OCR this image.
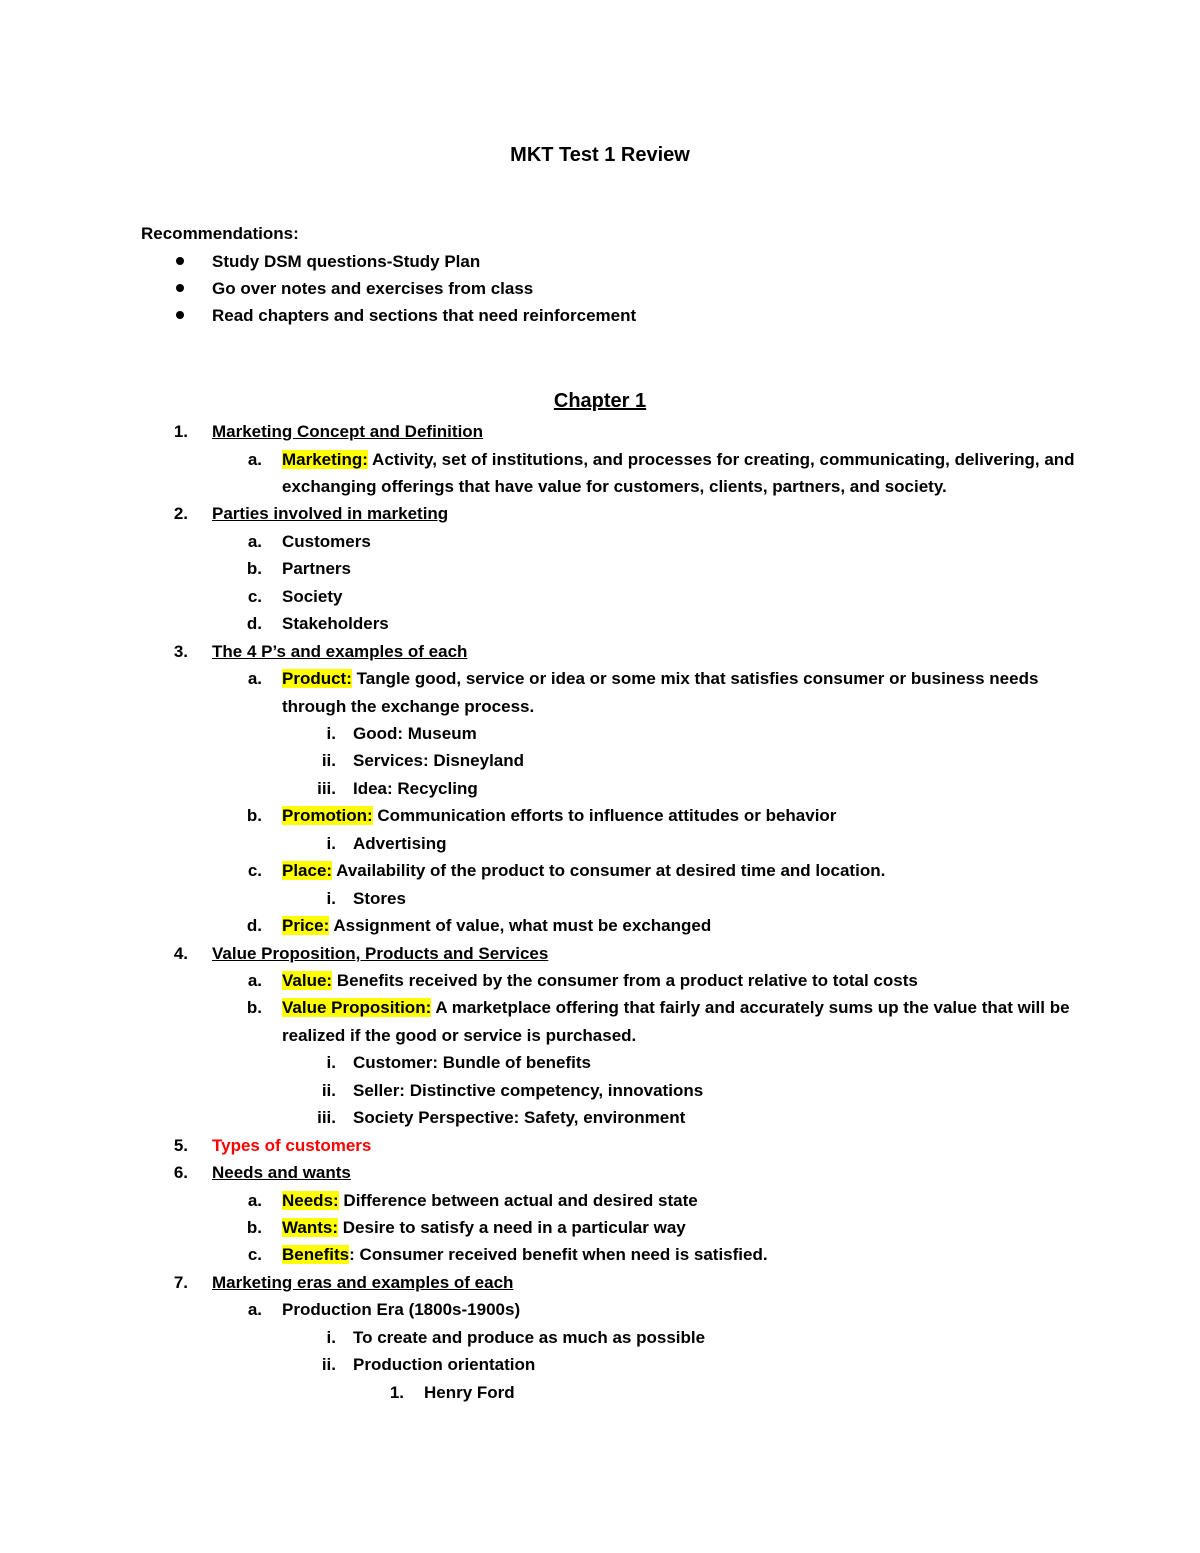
MKT Test 1 Review
Recommendations:
Study DSM questions-Study Plan
Go over notes and exercises from class
Read chapters and sections that need reinforcement
Chapter 1
1. Marketing Concept and Definition
a. Marketing: Activity, set of institutions, and processes for creating, communicating, delivering, and
exchanging offerings that have value for customers, clients, partners, and society.
2. Parties involved in marketing
a. Customers
b. Partners
c. Society
d. Stakeholders
3. The 4 P’s and examples of each
a. Product: Tangle good, service or idea or some mix that satisfies consumer or business needs
through the exchange process.
i. Good: Museum
ii. Services: Disneyland
iii. Idea: Recycling
b. Promotion: Communication efforts to influence attitudes or behavior
i. Advertising
c. Place: Availability of the product to consumer at desired time and location.
i. Stores
d. Price: Assignment of value, what must be exchanged
4. Value Proposition, Products and Services
a. Value: Benefits received by the consumer from a product relative to total costs
b. Value Proposition: A marketplace offering that fairly and accurately sums up the value that will be
realized if the good or service is purchased.
i. Customer: Bundle of benefits
ii. Seller: Distinctive competency, innovations
iii. Society Perspective: Safety, environment
5. Types of customers
6. Needs and wants
a. Needs: Difference between actual and desired state
b. Wants: Desire to satisfy a need in a particular way
c. Benefits: Consumer received benefit when need is satisfied.
7. Marketing eras and examples of each
a. Production Era (1800s-1900s)
i. To create and produce as much as possible
ii. Production orientation
1. Henry Ford
